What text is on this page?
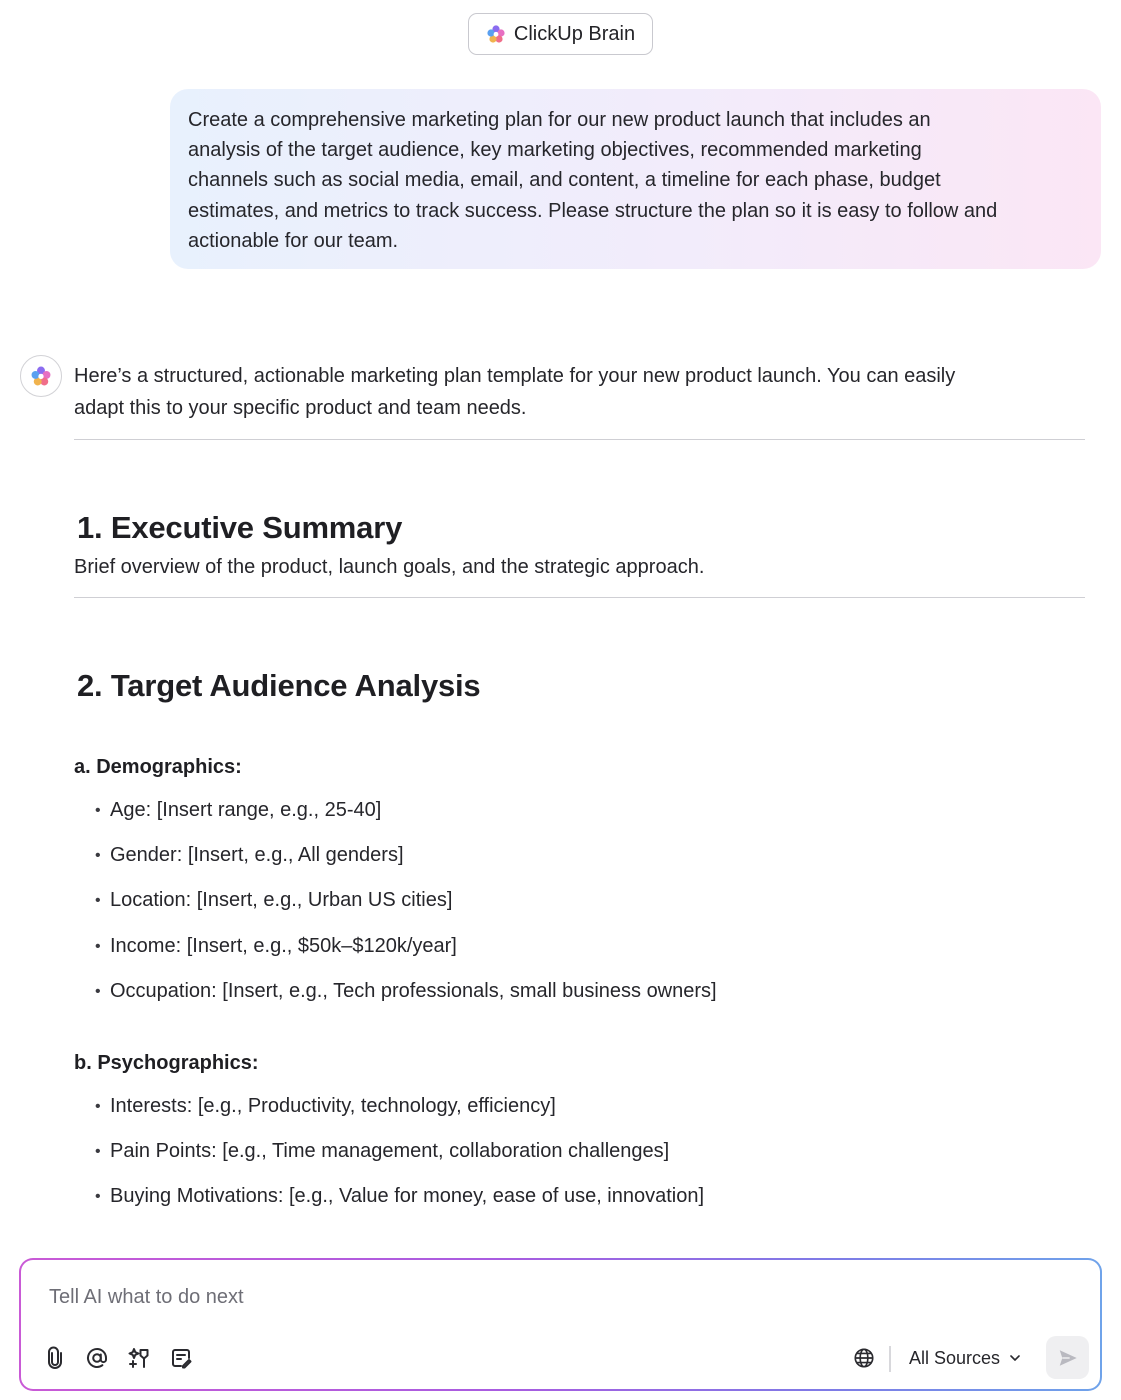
ClickUp Brain
Create a comprehensive marketing plan for our new product launch that includes an
analysis of the target audience, key marketing objectives, recommended marketing
channels such as social media, email, and content, a timeline for each phase, budget
estimates, and metrics to track success. Please structure the plan so it is easy to follow and
actionable for our team.
Here’s a structured, actionable marketing plan template for your new product launch. You can easily
adapt this to your specific product and team needs.
1. Executive Summary
Brief overview of the product, launch goals, and the strategic approach.
2. Target Audience Analysis
a. Demographics:
• Age: [Insert range, e.g., 25-40]
• Gender: [Insert, e.g., All genders]
• Location: [Insert, e.g., Urban US cities]
• Income: [Insert, e.g., $50k–$120k/year]
• Occupation: [Insert, e.g., Tech professionals, small business owners]
b. Psychographics:
• Interests: [e.g., Productivity, technology, efficiency]
• Pain Points: [e.g., Time management, collaboration challenges]
• Buying Motivations: [e.g., Value for money, ease of use, innovation]
Tell AI what to do next
All Sources
